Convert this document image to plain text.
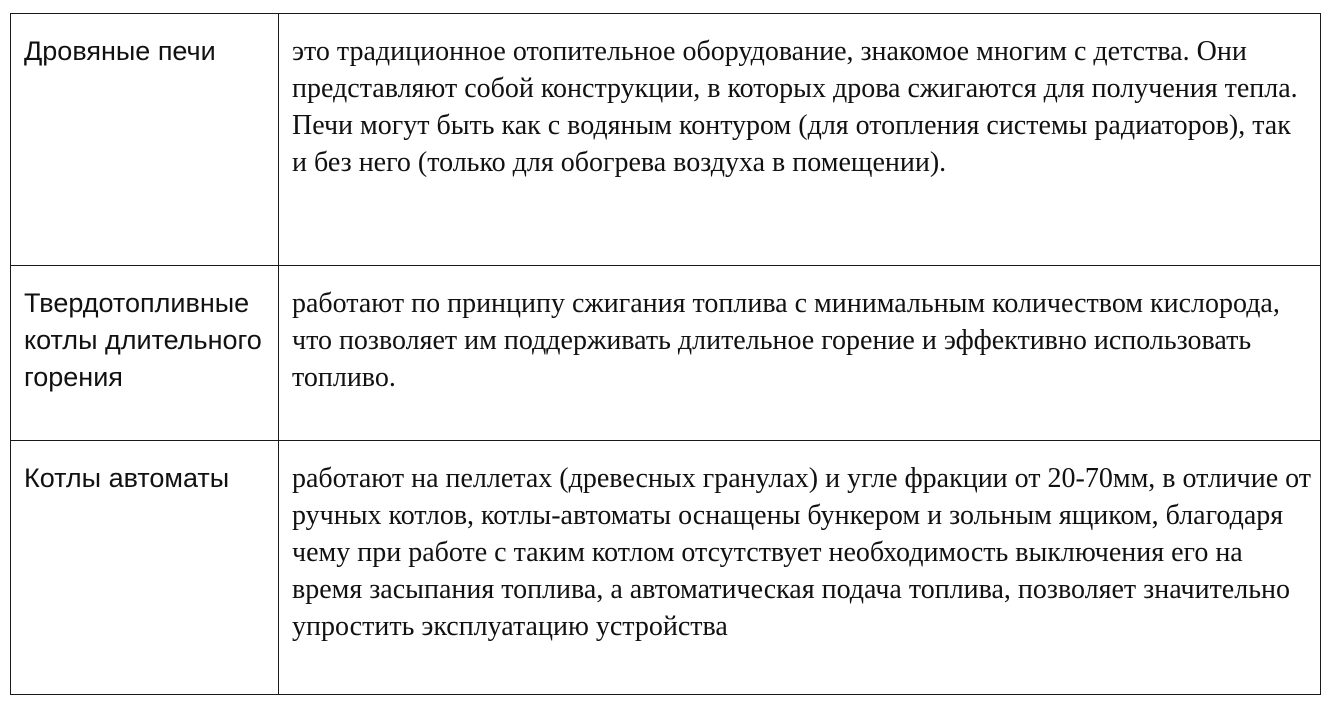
Дровяные печи	это традиционное отопительное оборудование, знакомое многим с детства. Они представляют собой конструкции, в которых дрова сжигаются для получения тепла. Печи могут быть как с водяным контуром (для отопления системы радиаторов), так и без него (только для обогрева воздуха в помещении).
Твердотопливные котлы длительного горения	работают по принципу сжигания топлива с минимальным количеством кислорода, что позволяет им поддерживать длительное горение и эффективно использовать топливо.
Котлы автоматы	работают на пеллетах (древесных гранулах) и угле фракции от 20-70мм, в отличие от ручных котлов, котлы-автоматы оснащены бункером и зольным ящиком, благодаря чему при работе с таким котлом отсутствует необходимость выключения его на время засыпания топлива, а автоматическая подача топлива, позволяет значительно упростить эксплуатацию устройства
